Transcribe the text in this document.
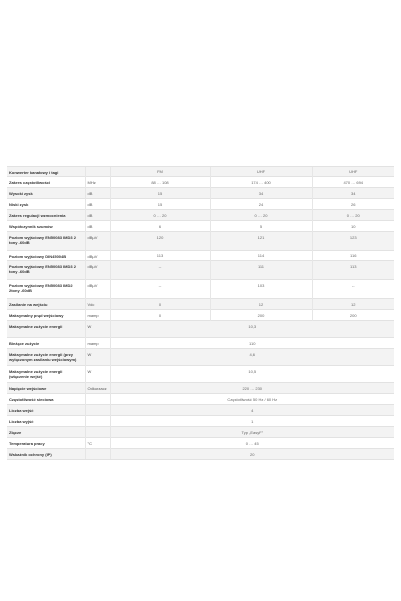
Konwerter kanałowy i tagi		FM	UHF	UHF
Zakres częstotliwości	MHz	88 … 108	174 … 400	470 … 694
Wysoki zysk	dB	15	34	34
Niski zysk	dB	15	24	26
Zakres regulacji wzmocnienia	dB	0 … 20	0 … 20	0 … 20
Współczynnik szumów	dB	6	5	10
Poziom wyjściowy EN50083 IMD3 2 tony -60dB	dBµV	120	121	123
Poziom wyjściowy DIN45004B	dBµV	113	114	116
Poziom wyjściowy EN50083 IMD3 2 tony -60dB	dBµV	--	111	113
Poziom wyjściowy EN50083 IMD2 2tony -60dB	dBµV	--	103	--
Zasilanie na wejściu	Vdc	0	12	12
Maksymalny prąd wejściowy	mamp	0	200	200
Maksymalne zużycie energii	W	10,3		
Bieżące zużycie	mamp	110		
Maksymalne zużycie energii (przy wyłączonym zasilaniu wejściowym)	W	4,6		
Maksymalne zużycie energii (włączenie wejść)	W	10,5		
Napięcie wejściowe	Odkurzacz	220 … 230		
Częstotliwość sieciowa		Częstotliwość 50 Hz / 60 Hz		
Liczba wejść		4		
Liczba wyjść		1		
Złącze		Typ „EasyF”		
Temperatura pracy	°C	0 … 45		
Wskaźnik ochrony (IP)		20		
